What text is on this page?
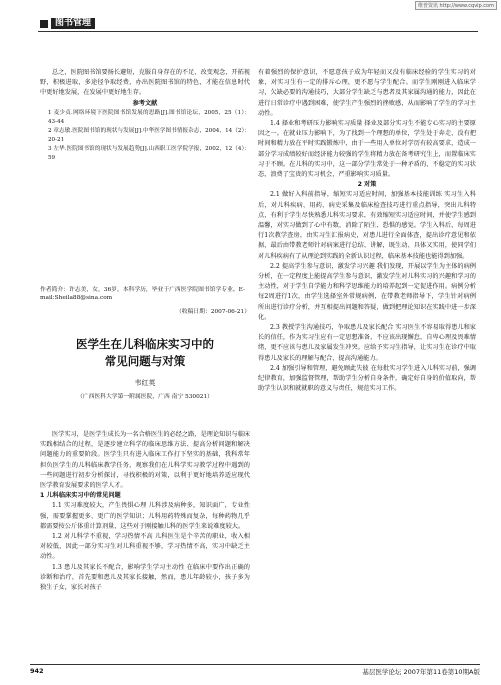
维普资讯 http://www.cqvip.com
图书管理

总之，医院图书馆要扬长避短，克服自身存在的不足，改变观念，开拓视野，积极进取，多途径争取经费，办出医院图书馆的特色，才能在信息时代中更好地发展，在发展中更好地生存。

参考文献

1 麦少贞.网络环境下医院图书馆发展的思路[J].图书馆论坛，2005，25（1）：43-44

2 章志敏.医院图书馆的现状与发展[J].中华医学图书情报杂志，2004，14（2）：20-21

3 左华.医院图书馆的现状与发展趋势[J].山西职工医学院学报，2002，12（4）：59

作者简介：许志美，女，36岁，本科学历，毕业于广西医学院图书馆学专业。E-mail:Sheila88@sina.com
（收稿日期：2007-06-21）
医学生在儿科临床实习中的
常见问题与对策
韦红英
（广西医科大学第一附属医院，广西 南宁 530021）

医学实习，是医学生成长为一名合格医生的必经之路，是理论知识与临床实践相结合的过程，是逐步建立科学的临床思维方法、提高分析问题和解决问题能力的重要阶段。医学生只有进入临床工作打下坚实的基础，我科常年担负医学生的儿科临床教学任务，观察我们在儿科学实习教学过程中遇到的一些问题进行初步分析探讨，寻找积极的对策，以利于更好地培养适应现代医学教育发展要求的医学人才。

1 儿科临床实习中的常见问题

1.1 实习难度较大，产生畏惧心理 儿科涉及病种多，知识面广，专业性强，需要掌握更多、更广的医学知识；儿科用药特殊而复杂，每种药物几乎都需要按公斤体重计算剂量，这些对于刚接触儿科的医学生来说难度较大。

1.2 对儿科学不重视，学习热情不高 儿科医生是个辛苦的职业，收入相对较低，因此一部分实习生对儿科重视不够，学习热情不高，实习中缺乏主动性。

1.3 患儿及其家长不配合，影响学生学习主动性 在临床中要作出正确的诊断和治疗，首先要和患儿及其家长接触，然而，患儿年龄较小，孩子多为独生子女，家长对孩子

有着强烈的保护意识，不愿意孩子成为年轻而又没有临床经验的学生实习的对象，对实习生有一定的排斥心理，更不愿与学生配合。而学生刚刚进入临床学习，欠缺必要的沟通技巧，大部分学生缺乏与患者及其家属沟通的能力，因此在进行日常诊疗中遇到困难，使学生产生强烈的挫败感，从而影响了学生的学习主动性。

1.4 择业和考研压力影响实习质量 择业及部分实习生不能专心实习的主要原因之一。在就业压力影响下，为了找到一个理想的单位，学生处于奔走、没有把时间和精力放在平时实践锻炼中，由于一些用人单位对学历有较高要求，造成一部分学习成绩较好而经济能力较强的学生将精力放在备考研究生上，而置临床实习于不顾。在儿科的实习中，这一部分学生常处于一种矛盾的、不稳定的实习状态，浪费了宝贵的实习机会，严重影响实习质量。

2 对策

2.1 做好入科前指导，缩短实习适应时间，加强基本技能训练 实习生入科后，对儿科疾病、用药、病史采集及临床检查技巧进行重点指导，突出儿科特点，有利于学生尽快熟悉儿科实习要求，有效缩短实习适应时间，并使学生感到温馨，对实习做到了心中有数，消除了陌生、恐惧的感觉。学生入科后，每周进行1次教学查房，由实习生汇报病史，对患儿进行全面体查，提出诊疗意见和依据，最后由带教老师针对病案进行总结、讲解，既生动、具体又实用，使同学们对儿科疾病有了从理论到实践的全新认识过程，临床基本技能也能得到加强。

2.2 提高学生参与意识，激发学习兴趣 我们发现，开展以学生为主体的病例分析，在一定程度上能提高学生参与意识，激发学生对儿科实习的兴趣和学习的主动性，对于学生自学能力和科学思维能力的培养起到一定促进作用。病例分析每2周进行1次，由学生选择室外常规病例，在带教老师指导下，学生针对病例所出进行诊疗分析，并互相提出问题和答疑，做到把理论知识在实践中进一步深化。

2.3 教授学生沟通技巧，争取患儿及家长配合 实习医生不容易取得患儿和家长的信任，作为实习生应有一定思想准备，不应该出现懈怠，自卑心理及畏难情绪，更不应该与患儿及家属发生冲突。应给予实习生指导，让实习生在诊疗中取得患儿及家长的理解与配合，提高沟通能力。

2.4 加强引导和管理，避免顾此失彼 在每批实习学生进入儿科实习前，强调纪律教育，加强监督管理，帮助学生分析自身条件，确定好自身的价值取向，帮助学生认识和就就职的意义与责任，规范实习工作。

942	基层医学论坛 2007年第11卷第10期A版
